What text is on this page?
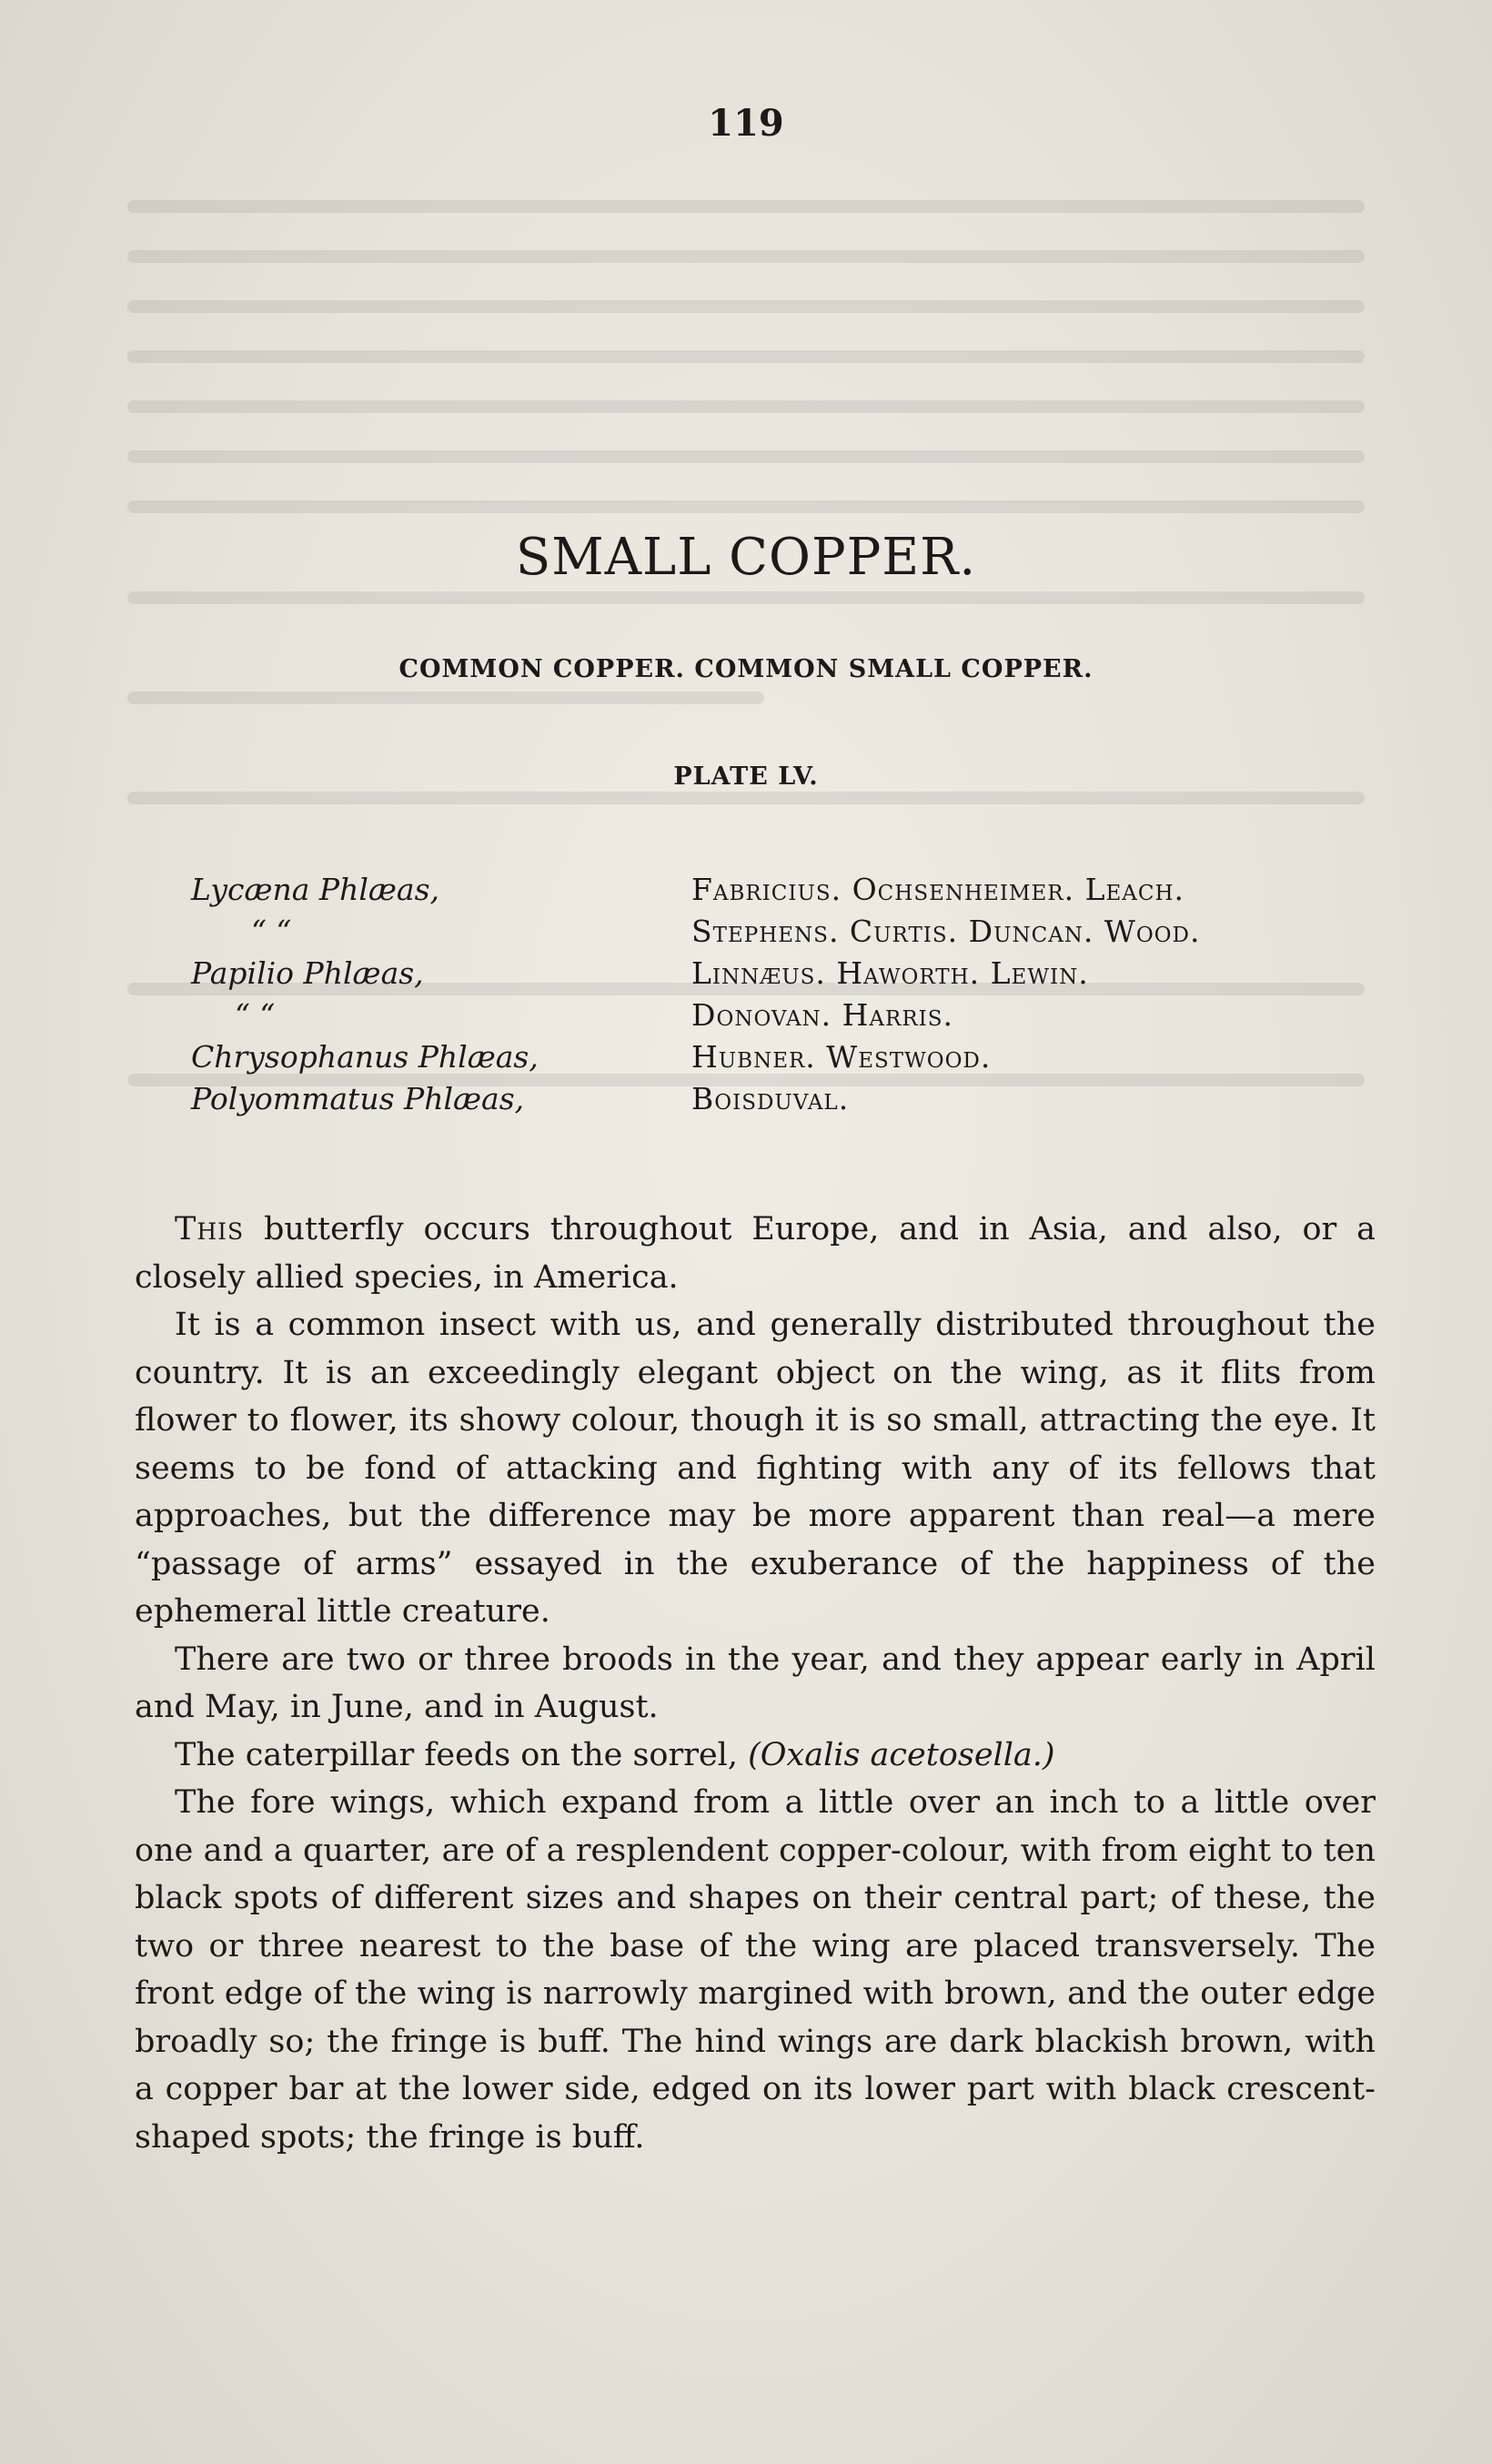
119
SMALL COPPER.
COMMON COPPER. COMMON SMALL COPPER.
PLATE LV.
Lycæna Phlæas,	Fabricius. Ochsenheimer. Leach.
“ “	Stephens. Curtis. Duncan. Wood.
Papilio Phlæas,	Linnæus. Haworth. Lewin.
“ “	Donovan. Harris.
Chrysophanus Phlæas,	Hubner. Westwood.
Polyommatus Phlæas,	Boisduval.

This butterfly occurs throughout Europe, and in Asia, and also, or a closely allied species, in America.

It is a common insect with us, and generally distributed throughout the country. It is an exceedingly elegant object on the wing, as it flits from flower to flower, its showy colour, though it is so small, attracting the eye. It seems to be fond of attacking and fighting with any of its fellows that approaches, but the difference may be more apparent than real—a mere “passage of arms” essayed in the exuberance of the happiness of the ephemeral little creature.

There are two or three broods in the year, and they appear early in April and May, in June, and in August.

The caterpillar feeds on the sorrel, (Oxalis acetosella.)

The fore wings, which expand from a little over an inch to a little over one and a quarter, are of a resplendent copper-colour, with from eight to ten black spots of different sizes and shapes on their central part; of these, the two or three nearest to the base of the wing are placed transversely. The front edge of the wing is narrowly margined with brown, and the outer edge broadly so; the fringe is buff. The hind wings are dark blackish brown, with a copper bar at the lower side, edged on its lower part with black crescent-shaped spots; the fringe is buff.
